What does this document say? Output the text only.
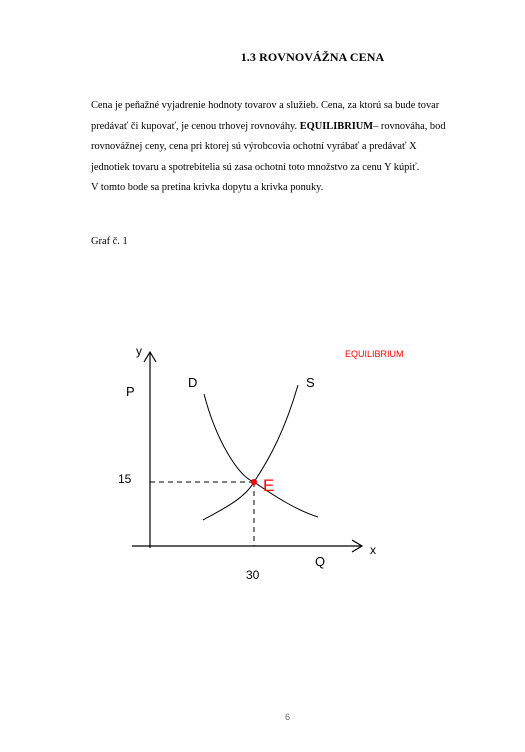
1.3 ROVNOVÁŽNA CENA

Cena je peňažné vyjadrenie hodnoty tovarov a služieb. Cena, za ktorú sa bude tovar

predávať či kupovať, je cenou trhovej rovnováhy. EQUILIBRIUM– rovnováha, bod

rovnovážnej ceny, cena pri ktorej sú výrobcovia ochotní vyrábať a predávať X

jednotiek tovaru a spotrebitelia sú zasa ochotní toto množstvo za cenu Y kúpiť.

V tomto bode sa pretína krivka dopytu a krivka ponuky.

Graf č. 1
y
x
P
Q
D	S
E
EQUILIBRIUM
15
30
6
